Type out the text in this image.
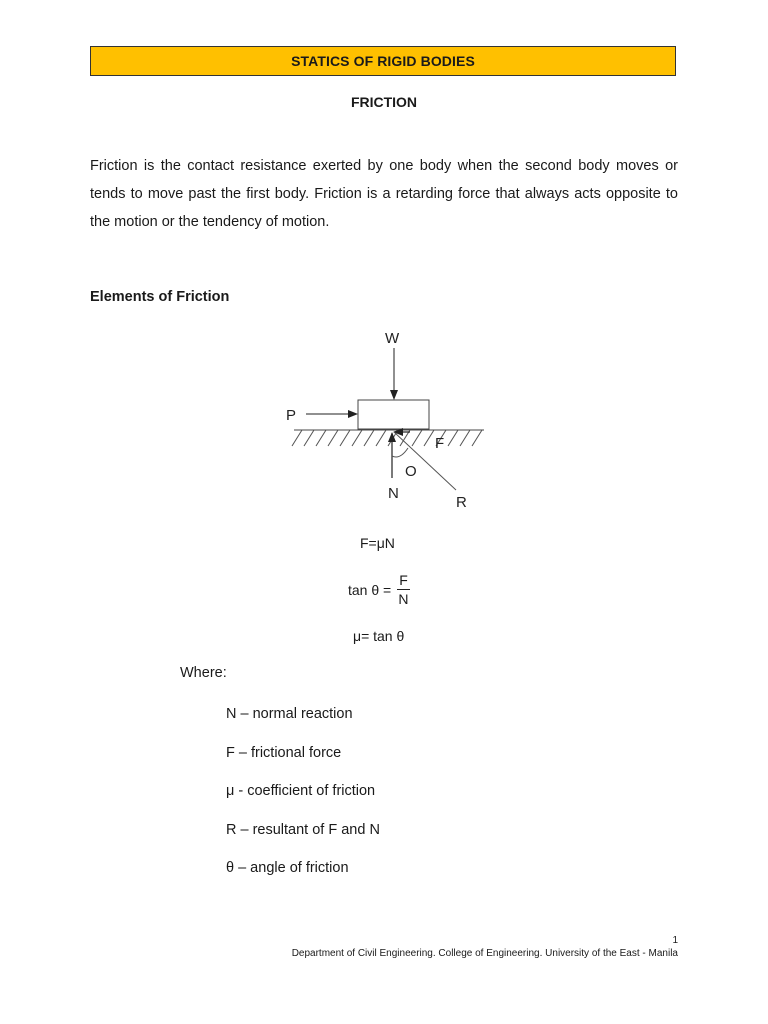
STATICS OF RIGID BODIES
FRICTION

Friction is the contact resistance exerted by one body when the second body moves or tends to move past the first body. Friction is a retarding force that always acts opposite to the motion or the tendency of motion.

Elements of Friction
W
P
F
O
N
R
F=μN
$\tan \theta = \frac{F}{N}$
μ= tan θ
Where:
N – normal reaction
F – frictional force
μ - coefficient of friction
R – resultant of F and N
θ – angle of friction
1
Department of Civil Engineering. College of Engineering. University of the East - Manila
